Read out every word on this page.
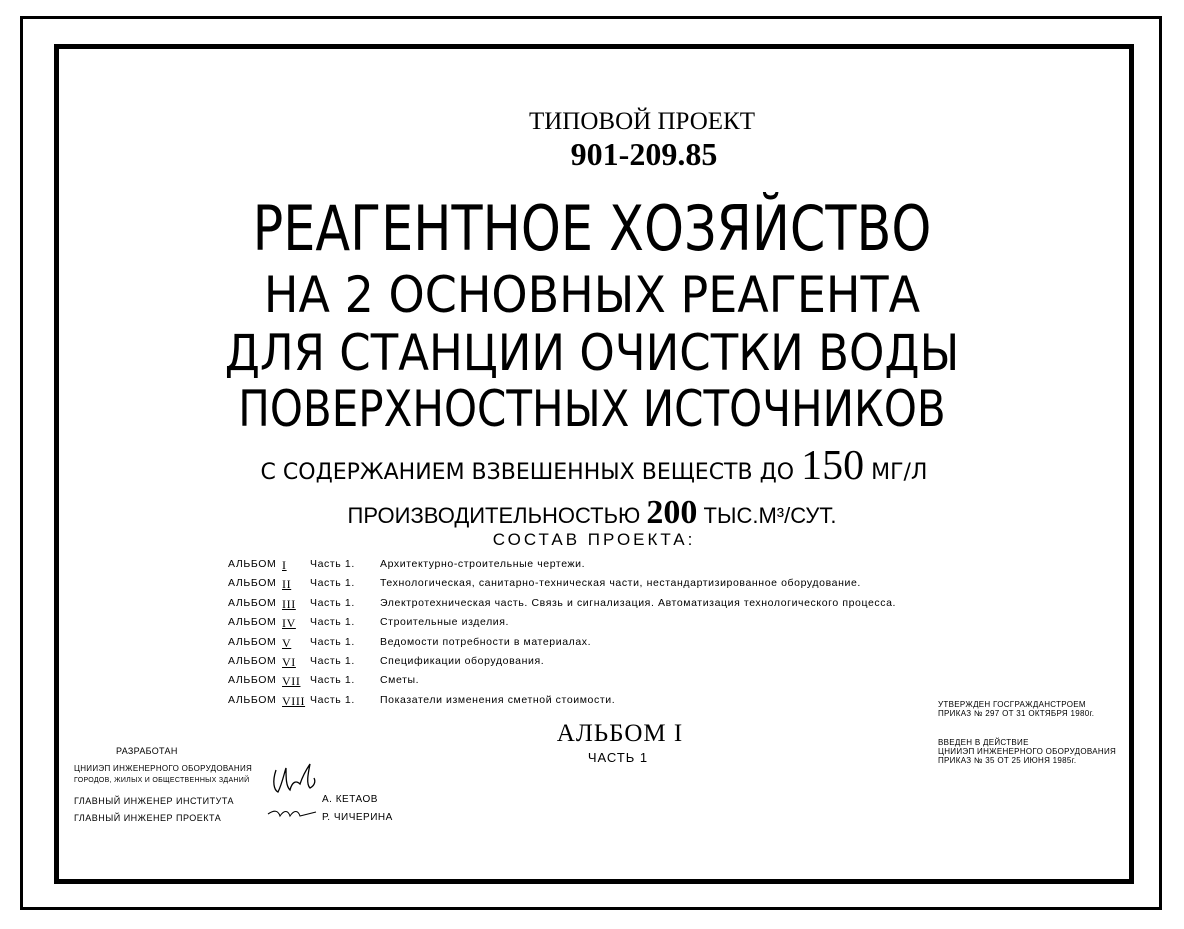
ТИПОВОЙ ПРОЕКТ
901-209.85
РЕАГЕНТНОЕ ХОЗЯЙСТВО
НА 2 ОСНОВНЫХ РЕАГЕНТА
ДЛЯ СТАНЦИИ ОЧИСТКИ ВОДЫ
ПОВЕРХНОСТНЫХ ИСТОЧНИКОВ
С СОДЕРЖАНИЕМ ВЗВЕШЕННЫХ ВЕЩЕСТВ ДО 150 МГ/Л
ПРОИЗВОДИТЕЛЬНОСТЬЮ 200 ТЫС.М³/СУТ.
СОСТАВ ПРОЕКТА:
АЛЬБОМ I Часть 1. Архитектурно-строительные чертежи.
АЛЬБОМ II Часть 1. Технологическая, санитарно-техническая части, нестандартизированное оборудование.
АЛЬБОМ III Часть 1. Электротехническая часть. Связь и сигнализация. Автоматизация технологического процесса.
АЛЬБОМ IV Часть 1. Строительные изделия.
АЛЬБОМ V Часть 1. Ведомости потребности в материалах.
АЛЬБОМ VI Часть 1. Спецификации оборудования.
АЛЬБОМ VII Часть 1. Сметы.
АЛЬБОМ VIII Часть 1. Показатели изменения сметной стоимости.
АЛЬБОМ I
ЧАСТЬ 1
УТВЕРЖДЕН ГОСГРАЖДАНСТРОЕМ
ПРИКАЗ № 297 ОТ 31 ОКТЯБРЯ 1980г.
ВВЕДЕН В ДЕЙСТВИЕ
ЦНИИЭП ИНЖЕНЕРНОГО ОБОРУДОВАНИЯ
ПРИКАЗ № 35 ОТ 25 ИЮНЯ 1985г.
РАЗРАБОТАН
ЦНИИЭП ИНЖЕНЕРНОГО ОБОРУДОВАНИЯ
ГОРОДОВ, ЖИЛЫХ И ОБЩЕСТВЕННЫХ ЗДАНИЙ
ГЛАВНЫЙ ИНЖЕНЕР ИНСТИТУТА
ГЛАВНЫЙ ИНЖЕНЕР ПРОЕКТА
А. КЕТАОВ
Р. ЧИЧЕРИНА
